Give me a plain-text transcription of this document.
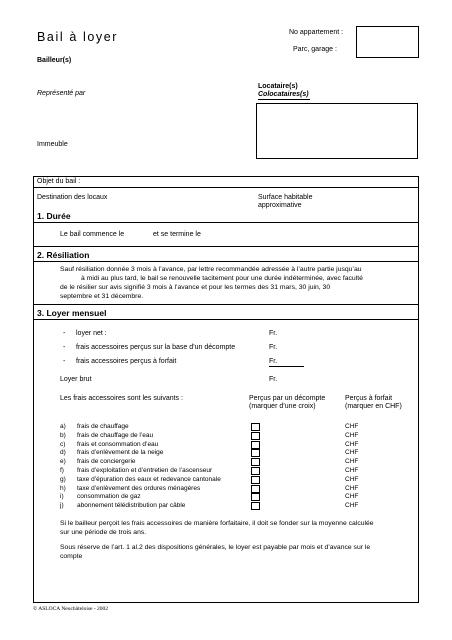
Bail à loyer	No appartement :
Parc, garage :
Bailleur(s)
Représenté par
Locataire(s)
Colocataires(s)
Immeuble
Objet du bail :
Destination des locaux	Surface habitable
approximative
1. Durée
Le bail commence le	et se termine le
2. Résiliation
Sauf résiliation donnée 3 mois à l’avance, par lettre recommandée adressée à l’autre partie jusqu’au
à midi au plus tard, le bail se renouvelle tacitement pour une durée indéterminée, avec faculté
de le résilier sur avis signifié 3 mois à l’avance et pour les termes des 31 mars, 30 juin, 30
septembre et 31 décembre.
3. Loyer mensuel
- loyer net :	Fr.
- frais accessoires perçus sur la base d’un décompte	Fr.
- frais accessoires perçus à forfait	Fr.
Loyer brut	Fr.
Les frais accessoires sont les suivants :	Perçus par un décompte
(marquer d’une croix)
Perçus à forfait
(marquer en CHF)
a) frais de chauffage	CHF
b) frais de chauffage de l’eau	CHF
c) frais et consommation d’eau	CHF
d) frais d’enlèvement de la neige	CHF
e) frais de conciergerie	CHF
f) frais d’exploitation et d’entretien de l’ascenseur	CHF
g) taxe d’épuration des eaux et redevance cantonale	CHF
h) taxe d’enlèvement des ordures ménagères	CHF
i) consommation de gaz	CHF
j) abonnement télédistribution par câble	CHF
Si le bailleur perçoit les frais accessoires de manière forfaitaire, il doit se fonder sur la moyenne calculée
sur une période de trois ans.
Sous réserve de l’art. 1 al.2 des dispositions générales, le loyer est payable par mois et d’avance sur le
compte
© ASLOCA Neuchâteloise - 2002
